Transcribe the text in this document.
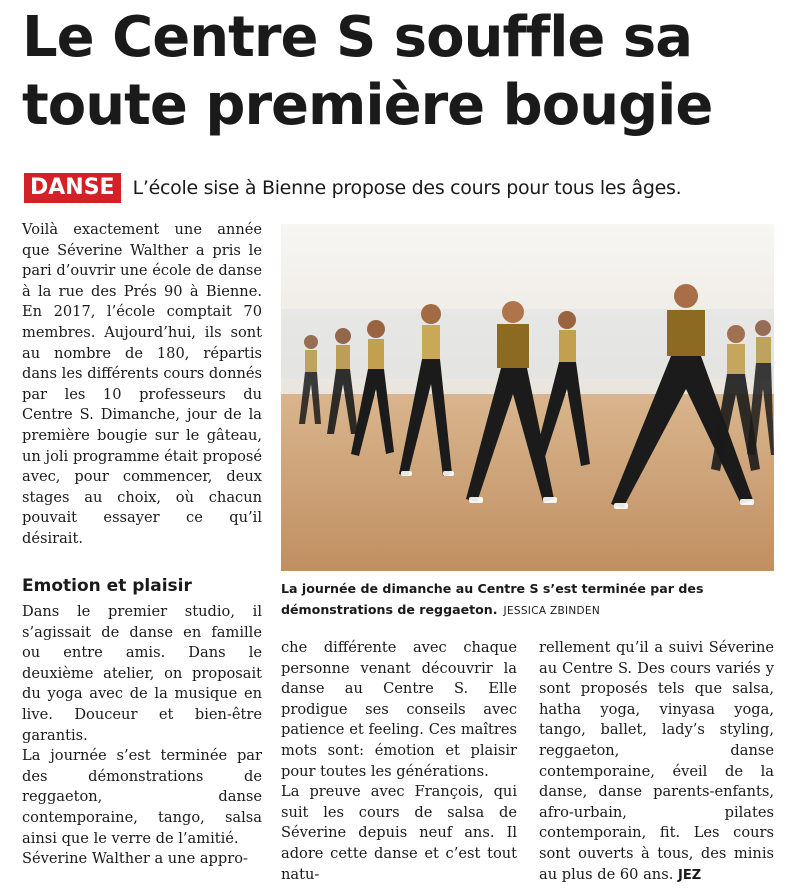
Le Centre S souffle sa
toute première bougie
DANSE L’école sise à Bienne propose des cours pour tous les âges.

Voilà exactement une année que Séverine Walther a pris le pari d’ouvrir une école de danse à la rue des Prés 90 à Bienne. En 2017, l’école comptait 70 membres. Aujourd’hui, ils sont au nombre de 180, répartis dans les différents cours donnés par les 10 professeurs du Centre S. Dimanche, jour de la première bougie sur le gâteau, un joli programme était proposé avec, pour commencer, deux stages au choix, où chacun pouvait essayer ce qu’il désirait.

Emotion et plaisir

Dans le premier studio, il s’agissait de danse en famille ou entre amis. Dans le deuxième atelier, on proposait du yoga avec de la musique en live. Douceur et bien-être garantis.

La journée s’est terminée par des démonstrations de reggaeton, danse contemporaine, tango, salsa ainsi que le verre de l’amitié.

Séverine Walther a une appro-

che différente avec chaque personne venant découvrir la danse au Centre S. Elle prodigue ses conseils avec patience et feeling. Ces maîtres mots sont: émotion et plaisir pour toutes les générations.

La preuve avec François, qui suit les cours de salsa de Séverine depuis neuf ans. Il adore cette danse et c’est tout natu-

rellement qu’il a suivi Séverine au Centre S. Des cours variés y sont proposés tels que salsa, hatha yoga, vinyasa yoga, tango, ballet, lady’s styling, reggaeton, danse contemporaine, éveil de la danse, danse parents-enfants, afro-urbain, pilates contemporain, fit. Les cours sont ouverts à tous, des minis au plus de 60 ans. JEZ

La journée de dimanche au Centre S s’est terminée par des démonstrations de reggaeton. JESSICA ZBINDEN
